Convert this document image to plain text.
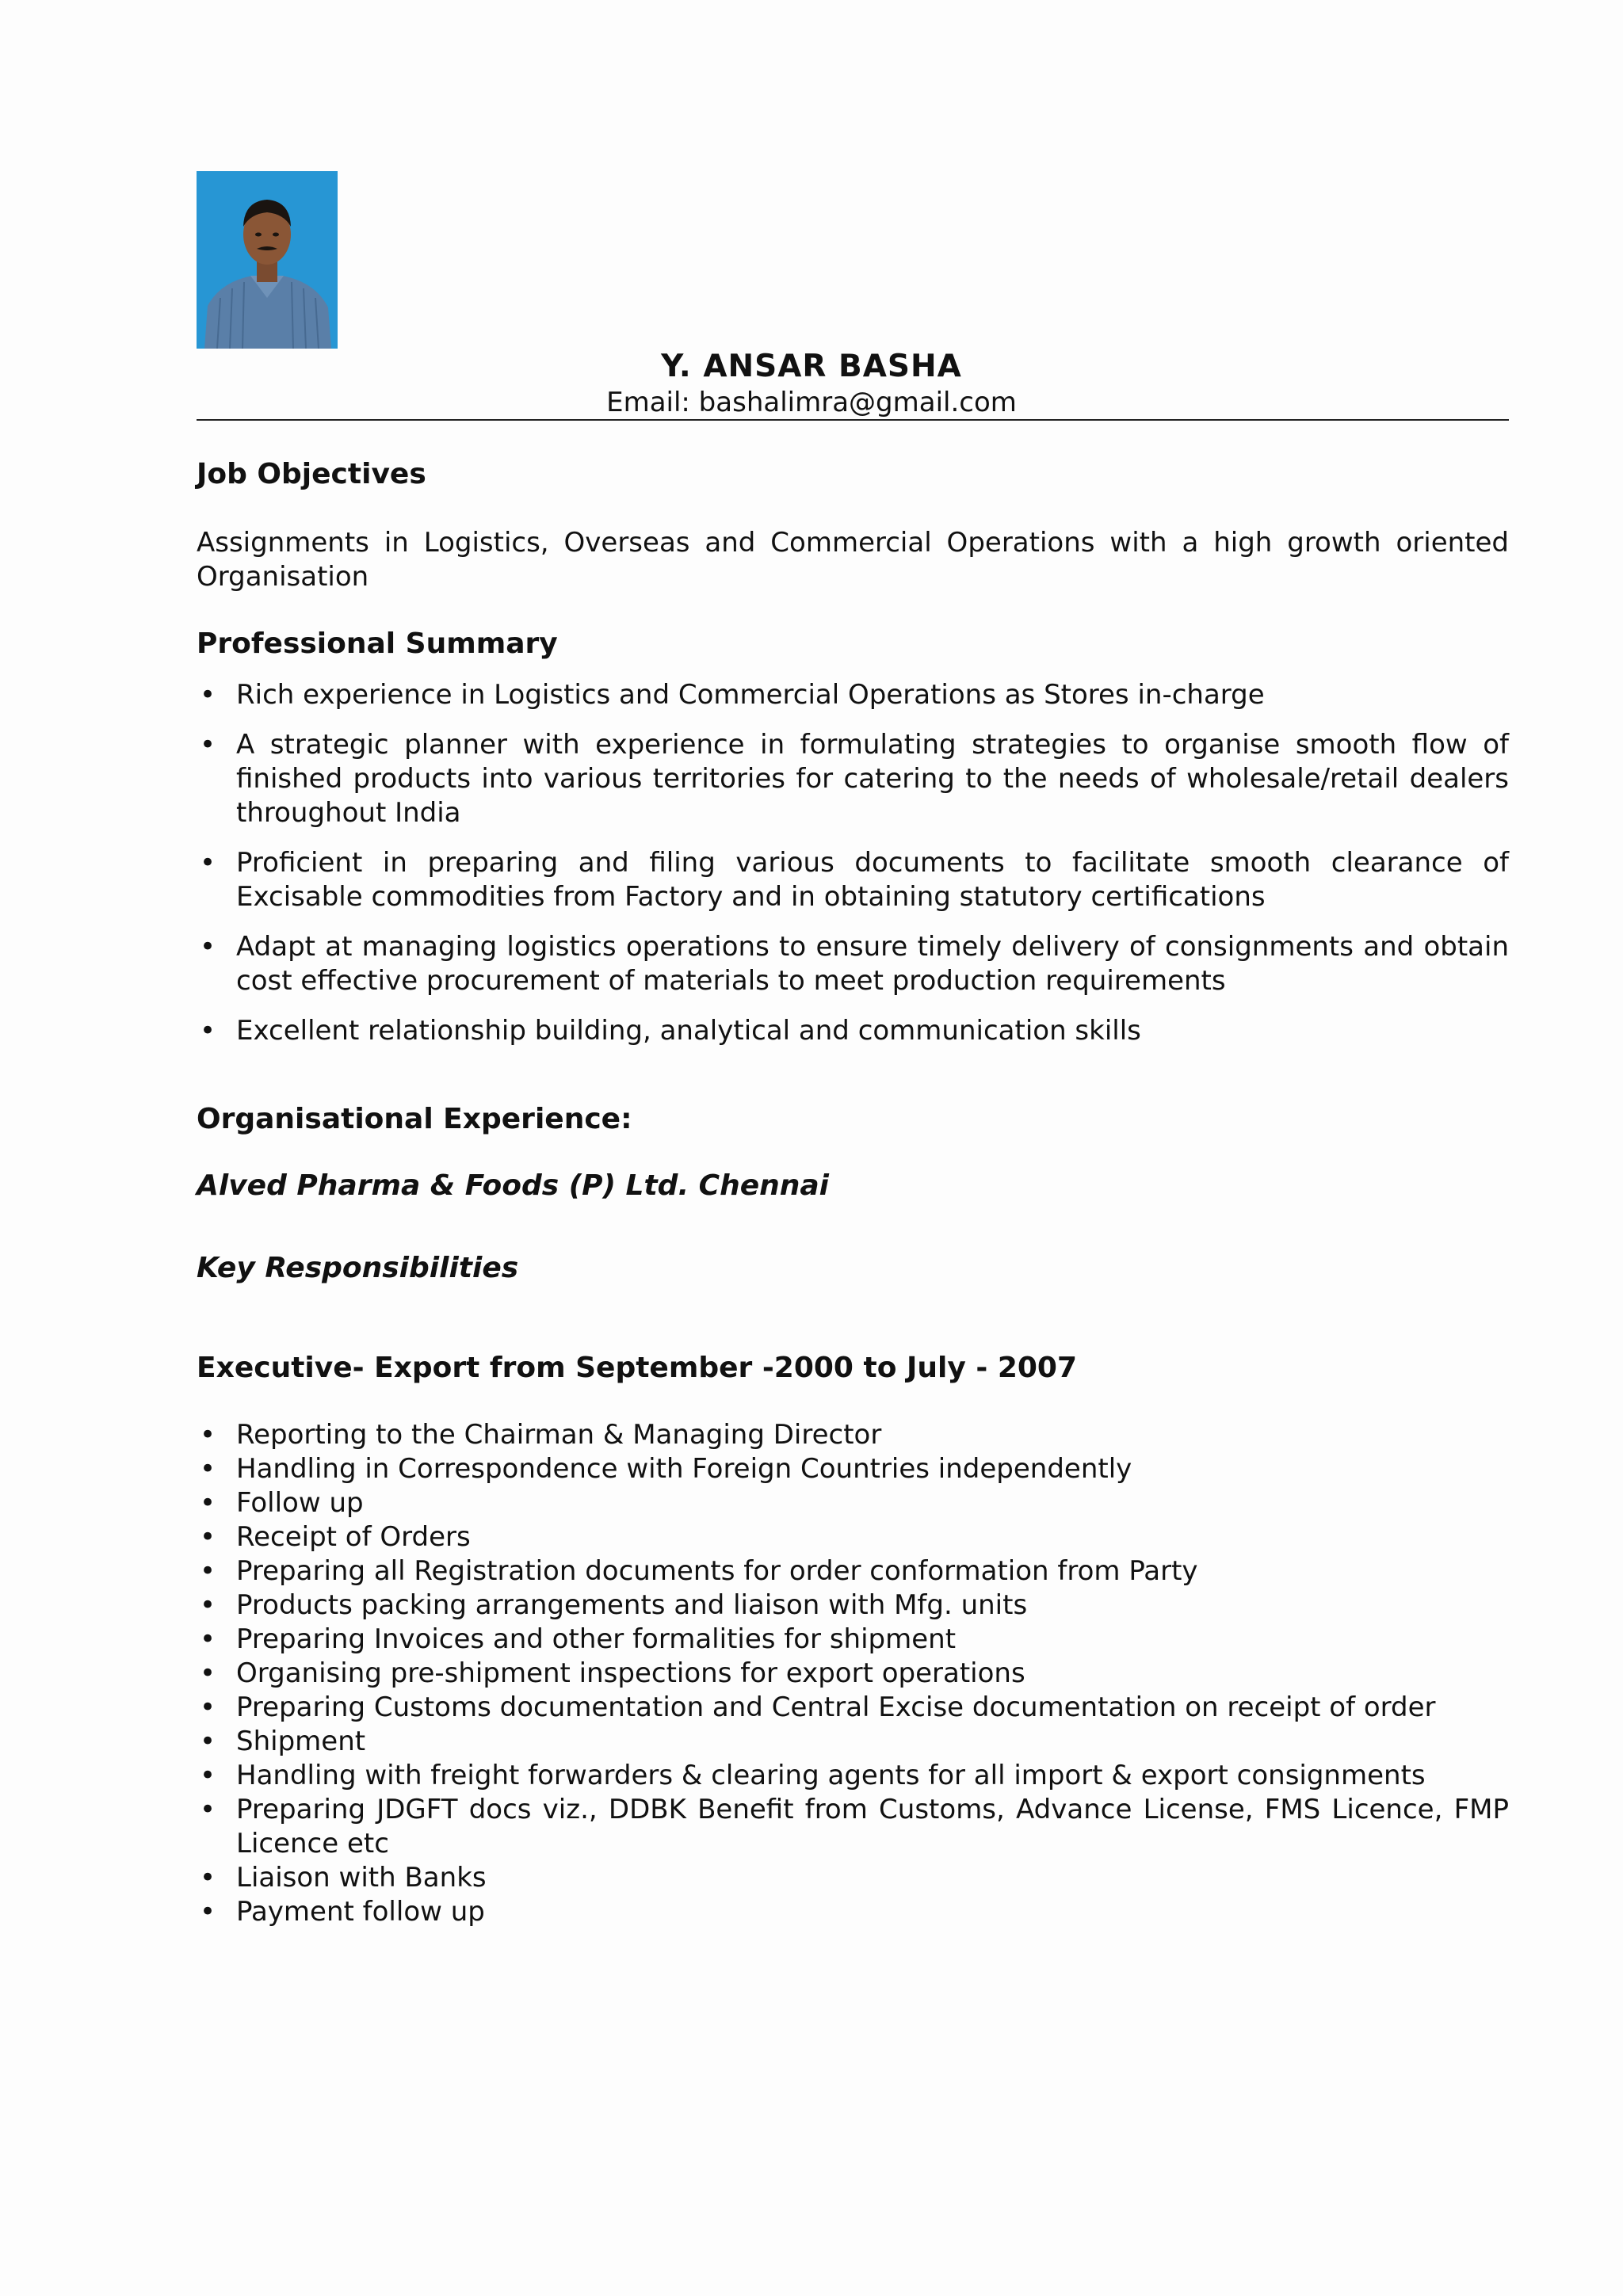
Y. ANSAR BASHA
Email: bashalimra@gmail.com
Job Objectives

Assignments in Logistics, Overseas and Commercial Operations with a high growth oriented Organisation

Professional Summary
• Rich experience in Logistics and Commercial Operations as Stores in-charge
• A strategic planner with experience in formulating strategies to organise smooth flow of finished products into various territories for catering to the needs of wholesale/retail dealers throughout India
• Proficient in preparing and filing various documents to facilitate smooth clearance of Excisable commodities from Factory and in obtaining statutory certifications
• Adapt at managing logistics operations to ensure timely delivery of consignments and obtain cost effective procurement of materials to meet production requirements
• Excellent relationship building, analytical and communication skills
Organisational Experience:

Alved Pharma & Foods (P) Ltd. Chennai

Key Responsibilities

Executive- Export from September -2000 to July - 2007

• Reporting to the Chairman & Managing Director
• Handling in Correspondence with Foreign Countries independently
• Follow up
• Receipt of Orders
• Preparing all Registration documents for order conformation from Party
• Products packing arrangements and liaison with Mfg. units
• Preparing Invoices and other formalities for shipment
• Organising pre-shipment inspections for export operations
• Preparing Customs documentation and Central Excise documentation on receipt of order
• Shipment
• Handling with freight forwarders & clearing agents for all import & export consignments
• Preparing JDGFT docs viz., DDBK Benefit from Customs, Advance License, FMS Licence, FMP Licence etc
• Liaison with Banks
• Payment follow up
